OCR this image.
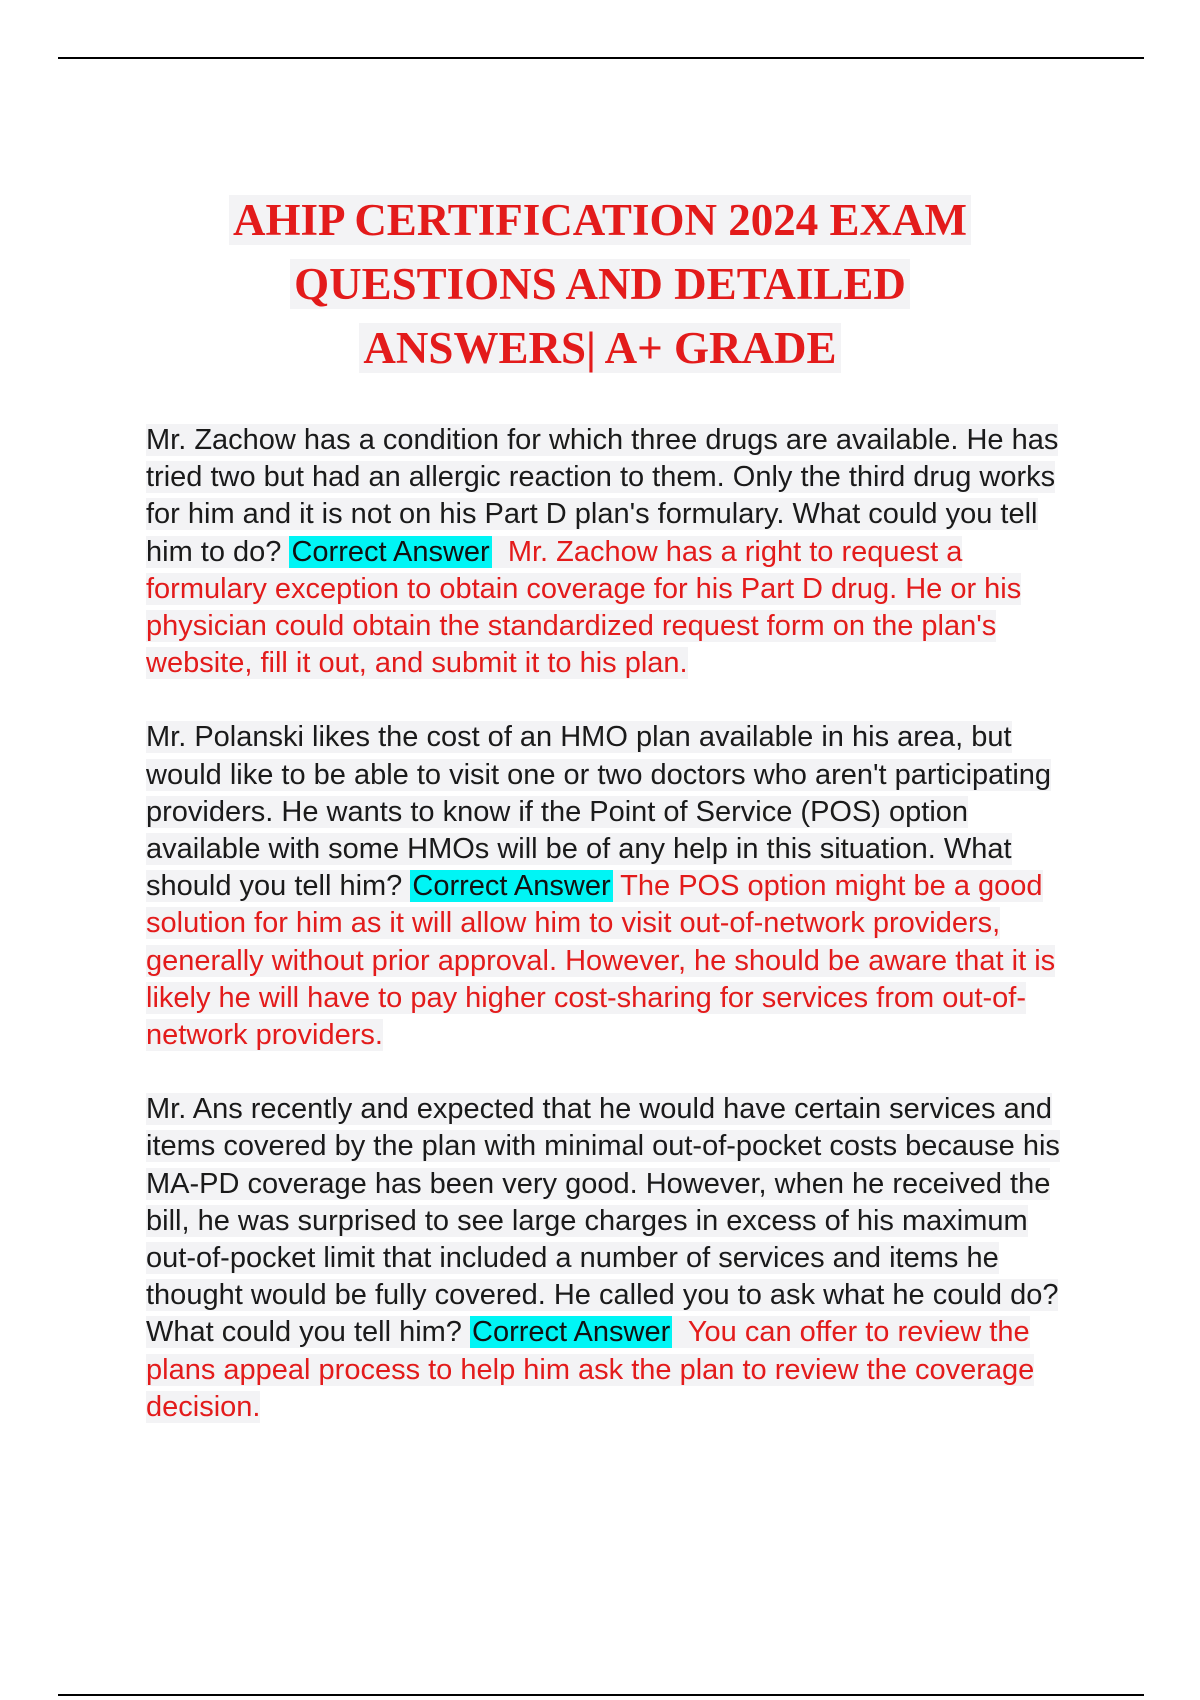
AHIP CERTIFICATION 2024 EXAM
QUESTIONS AND DETAILED
ANSWERS| A+ GRADE

Mr. Zachow has a condition for which three drugs are available. He has tried two but had an allergic reaction to them. Only the third drug works for him and it is not on his Part D plan's formulary. What could you tell him to do? Correct Answer Mr. Zachow has a right to request a formulary exception to obtain coverage for his Part D drug. He or his physician could obtain the standardized request form on the plan's website, fill it out, and submit it to his plan.

Mr. Polanski likes the cost of an HMO plan available in his area, but would like to be able to visit one or two doctors who aren't participating providers. He wants to know if the Point of Service (POS) option available with some HMOs will be of any help in this situation. What should you tell him? Correct Answer The POS option might be a good solution for him as it will allow him to visit out-of-network providers, generally without prior approval. However, he should be aware that it is likely he will have to pay higher cost-sharing for services from out-of-network providers.

Mr. Ans recently and expected that he would have certain services and items covered by the plan with minimal out-of-pocket costs because his MA-PD coverage has been very good. However, when he received the bill, he was surprised to see large charges in excess of his maximum out-of-pocket limit that included a number of services and items he thought would be fully covered. He called you to ask what he could do? What could you tell him? Correct Answer You can offer to review the plans appeal process to help him ask the plan to review the coverage decision.
